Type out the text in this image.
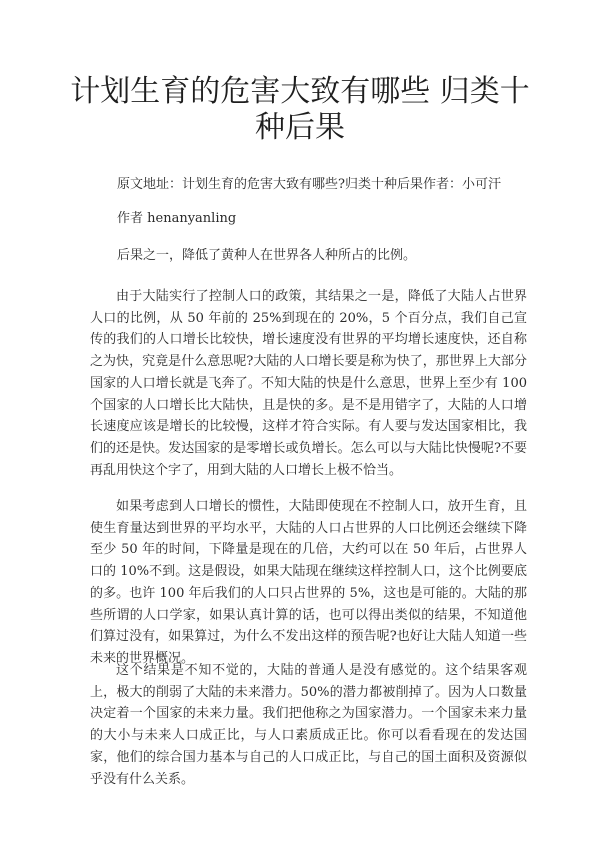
计划生育的危害大致有哪些 归类十种后果

原文地址：计划生育的危害大致有哪些?归类十种后果作者：小可汗

作者 henanyanling

后果之一，降低了黄种人在世界各人种所占的比例。

由于大陆实行了控制人口的政策，其结果之一是，降低了大陆人占世界人口的比例，从 50 年前的 25%到现在的 20%，5 个百分点，我们自己宣传的我们的人口增长比较快，增长速度没有世界的平均增长速度快，还自称之为快，究竟是什么意思呢?大陆的人口增长要是称为快了，那世界上大部分国家的人口增长就是飞奔了。不知大陆的快是什么意思，世界上至少有 100 个国家的人口增长比大陆快，且是快的多。是不是用错字了，大陆的人口增长速度应该是增长的比较慢，这样才符合实际。有人要与发达国家相比，我们的还是快。发达国家的是零增长或负增长。怎么可以与大陆比快慢呢?不要再乱用快这个字了，用到大陆的人口增长上极不恰当。

如果考虑到人口增长的惯性，大陆即使现在不控制人口，放开生育，且使生育量达到世界的平均水平，大陆的人口占世界的人口比例还会继续下降至少 50 年的时间，下降量是现在的几倍，大约可以在 50 年后，占世界人口的 10%不到。这是假设，如果大陆现在继续这样控制人口，这个比例要底的多。也许 100 年后我们的人口只占世界的 5%，这也是可能的。大陆的那些所谓的人口学家，如果认真计算的话，也可以得出类似的结果，不知道他们算过没有，如果算过，为什么不发出这样的预告呢?也好让大陆人知道一些未来的世界概况。

这个结果是不知不觉的，大陆的普通人是没有感觉的。这个结果客观上，极大的削弱了大陆的未来潜力。50%的潜力都被削掉了。因为人口数量决定着一个国家的未来力量。我们把他称之为国家潜力。一个国家未来力量的大小与未来人口成正比，与人口素质成正比。你可以看看现在的发达国家，他们的综合国力基本与自己的人口成正比，与自己的国土面积及资源似乎没有什么关系。
